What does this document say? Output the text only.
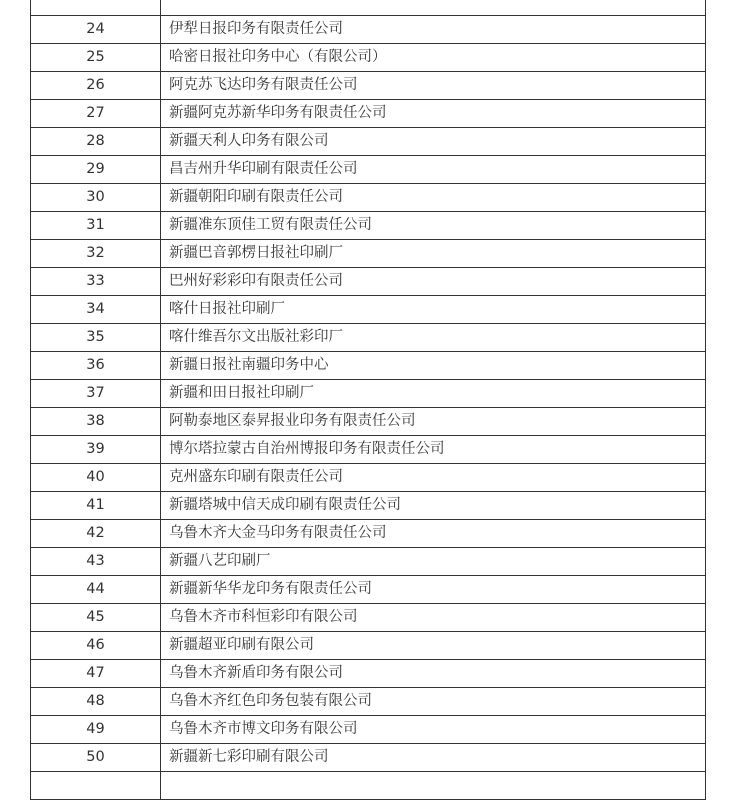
24	伊犁日报印务有限责任公司
25	哈密日报社印务中心（有限公司）
26	阿克苏飞达印务有限责任公司
27	新疆阿克苏新华印务有限责任公司
28	新疆天利人印务有限公司
29	昌吉州升华印刷有限责任公司
30	新疆朝阳印刷有限责任公司
31	新疆准东顶佳工贸有限责任公司
32	新疆巴音郭楞日报社印刷厂
33	巴州好彩彩印有限责任公司
34	喀什日报社印刷厂
35	喀什维吾尔文出版社彩印厂
36	新疆日报社南疆印务中心
37	新疆和田日报社印刷厂
38	阿勒泰地区泰昇报业印务有限责任公司
39	博尔塔拉蒙古自治州博报印务有限责任公司
40	克州盛东印刷有限责任公司
41	新疆塔城中信天成印刷有限责任公司
42	乌鲁木齐大金马印务有限责任公司
43	新疆八艺印刷厂
44	新疆新华华龙印务有限责任公司
45	乌鲁木齐市科恒彩印有限公司
46	新疆超亚印刷有限公司
47	乌鲁木齐新盾印务有限公司
48	乌鲁木齐红色印务包装有限公司
49	乌鲁木齐市博文印务有限公司
50	新疆新七彩印刷有限公司
